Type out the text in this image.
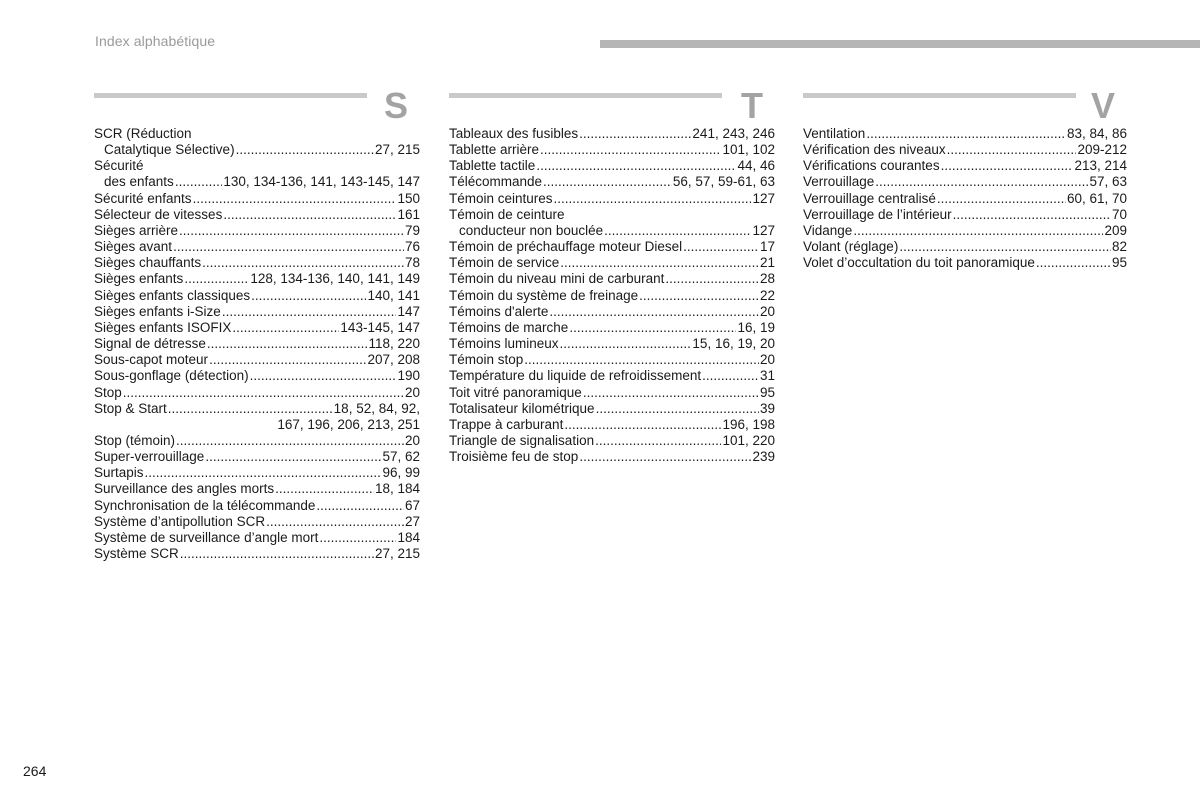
Index alphabétique
S
SCR (Réduction
Catalytique Sélective) .....	27, 215
Sécurité
des enfants .....	130, 134-136, 141, 143-145, 147
Sécurité enfants .....	150
Sélecteur de vitesses .....	161
Sièges arrière .....	79
Sièges avant .....	76
Sièges chauffants .....	78
Sièges enfants .....	128, 134-136, 140, 141, 149
Sièges enfants classiques .....	140, 141
Sièges enfants i-Size .....	147
Sièges enfants ISOFIX .....	143-145, 147
Signal de détresse .....	118, 220
Sous-capot moteur .....	207, 208
Sous-gonflage (détection) .....	190
Stop .....	20
Stop & Start .....	18, 52, 84, 92,
167, 196, 206, 213, 251
Stop (témoin) .....	20
Super-verrouillage .....	57, 62
Surtapis .....	96, 99
Surveillance des angles morts .....	18, 184
Synchronisation de la télécommande .....	67
Système d’antipollution SCR .....	27
Système de surveillance d’angle mort .....	184
Système SCR .....	27, 215
T
Tableaux des fusibles .....	241, 243, 246
Tablette arrière .....	101, 102
Tablette tactile .....	44, 46
Télécommande .....	56, 57, 59-61, 63
Témoin ceintures .....	127
Témoin de ceinture
conducteur non bouclée .....	127
Témoin de préchauffage moteur Diesel .....	17
Témoin de service .....	21
Témoin du niveau mini de carburant .....	28
Témoin du système de freinage .....	22
Témoins d'alerte .....	20
Témoins de marche .....	16, 19
Témoins lumineux .....	15, 16, 19, 20
Témoin stop .....	20
Température du liquide de refroidissement .....	31
Toit vitré panoramique .....	95
Totalisateur kilométrique .....	39
Trappe à carburant .....	196, 198
Triangle de signalisation .....	101, 220
Troisième feu de stop .....	239
V
Ventilation .....	83, 84, 86
Vérification des niveaux .....	209-212
Vérifications courantes .....	213, 214
Verrouillage .....	57, 63
Verrouillage centralisé .....	60, 61, 70
Verrouillage de l’intérieur .....	70
Vidange .....	209
Volant (réglage) .....	82
Volet d’occultation du toit panoramique .....	95
264
